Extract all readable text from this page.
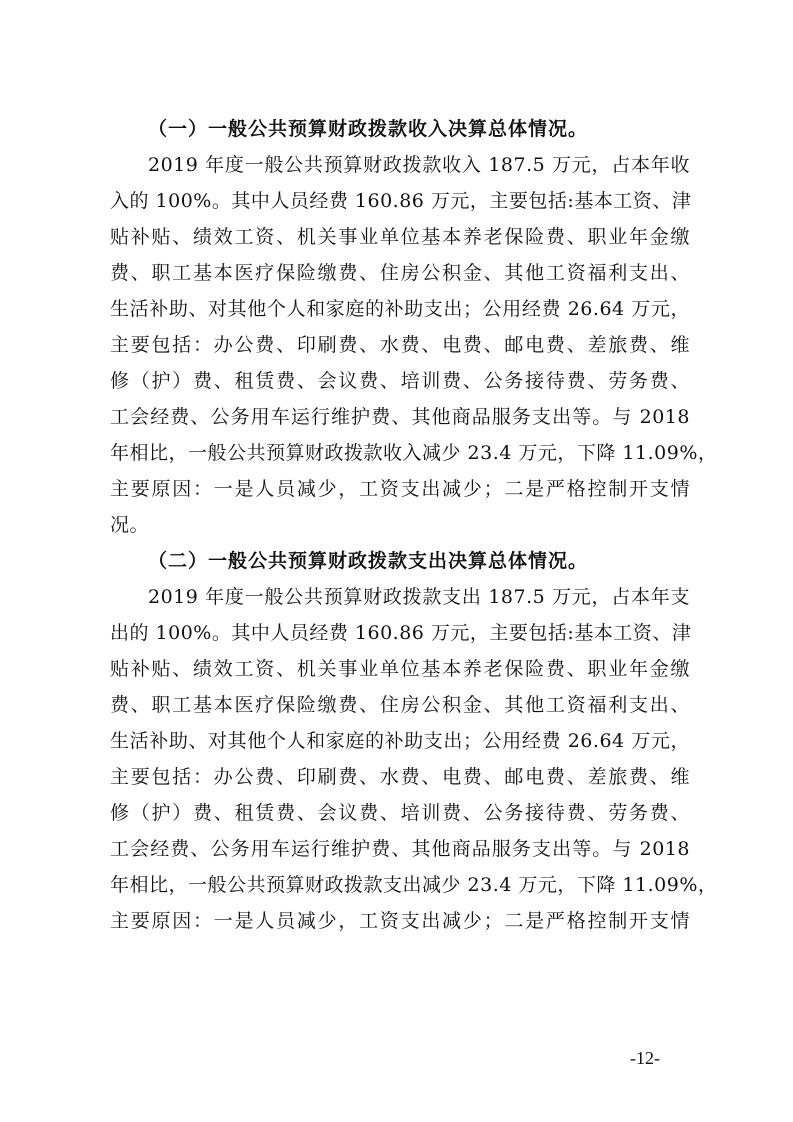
（一）一般公共预算财政拨款收入决算总体情况。
2019 年度一般公共预算财政拨款收入 187.5 万元，占本年收
入的 100%。其中人员经费 160.86 万元，主要包括:基本工资、津
贴补贴、绩效工资、机关事业单位基本养老保险费、职业年金缴
费、职工基本医疗保险缴费、住房公积金、其他工资福利支出、
生活补助、对其他个人和家庭的补助支出；公用经费 26.64 万元，
主要包括：办公费、印刷费、水费、电费、邮电费、差旅费、维
修（护）费、租赁费、会议费、培训费、公务接待费、劳务费、
工会经费、公务用车运行维护费、其他商品服务支出等。与 2018
年相比，一般公共预算财政拨款收入减少 23.4 万元，下降 11.09%，
主要原因：一是人员减少，工资支出减少；二是严格控制开支情
况。
（二）一般公共预算财政拨款支出决算总体情况。
2019 年度一般公共预算财政拨款支出 187.5 万元，占本年支
出的 100%。其中人员经费 160.86 万元，主要包括:基本工资、津
贴补贴、绩效工资、机关事业单位基本养老保险费、职业年金缴
费、职工基本医疗保险缴费、住房公积金、其他工资福利支出、
生活补助、对其他个人和家庭的补助支出；公用经费 26.64 万元，
主要包括：办公费、印刷费、水费、电费、邮电费、差旅费、维
修（护）费、租赁费、会议费、培训费、公务接待费、劳务费、
工会经费、公务用车运行维护费、其他商品服务支出等。与 2018
年相比，一般公共预算财政拨款支出减少 23.4 万元，下降 11.09%，
主要原因：一是人员减少，工资支出减少；二是严格控制开支情
-12-
